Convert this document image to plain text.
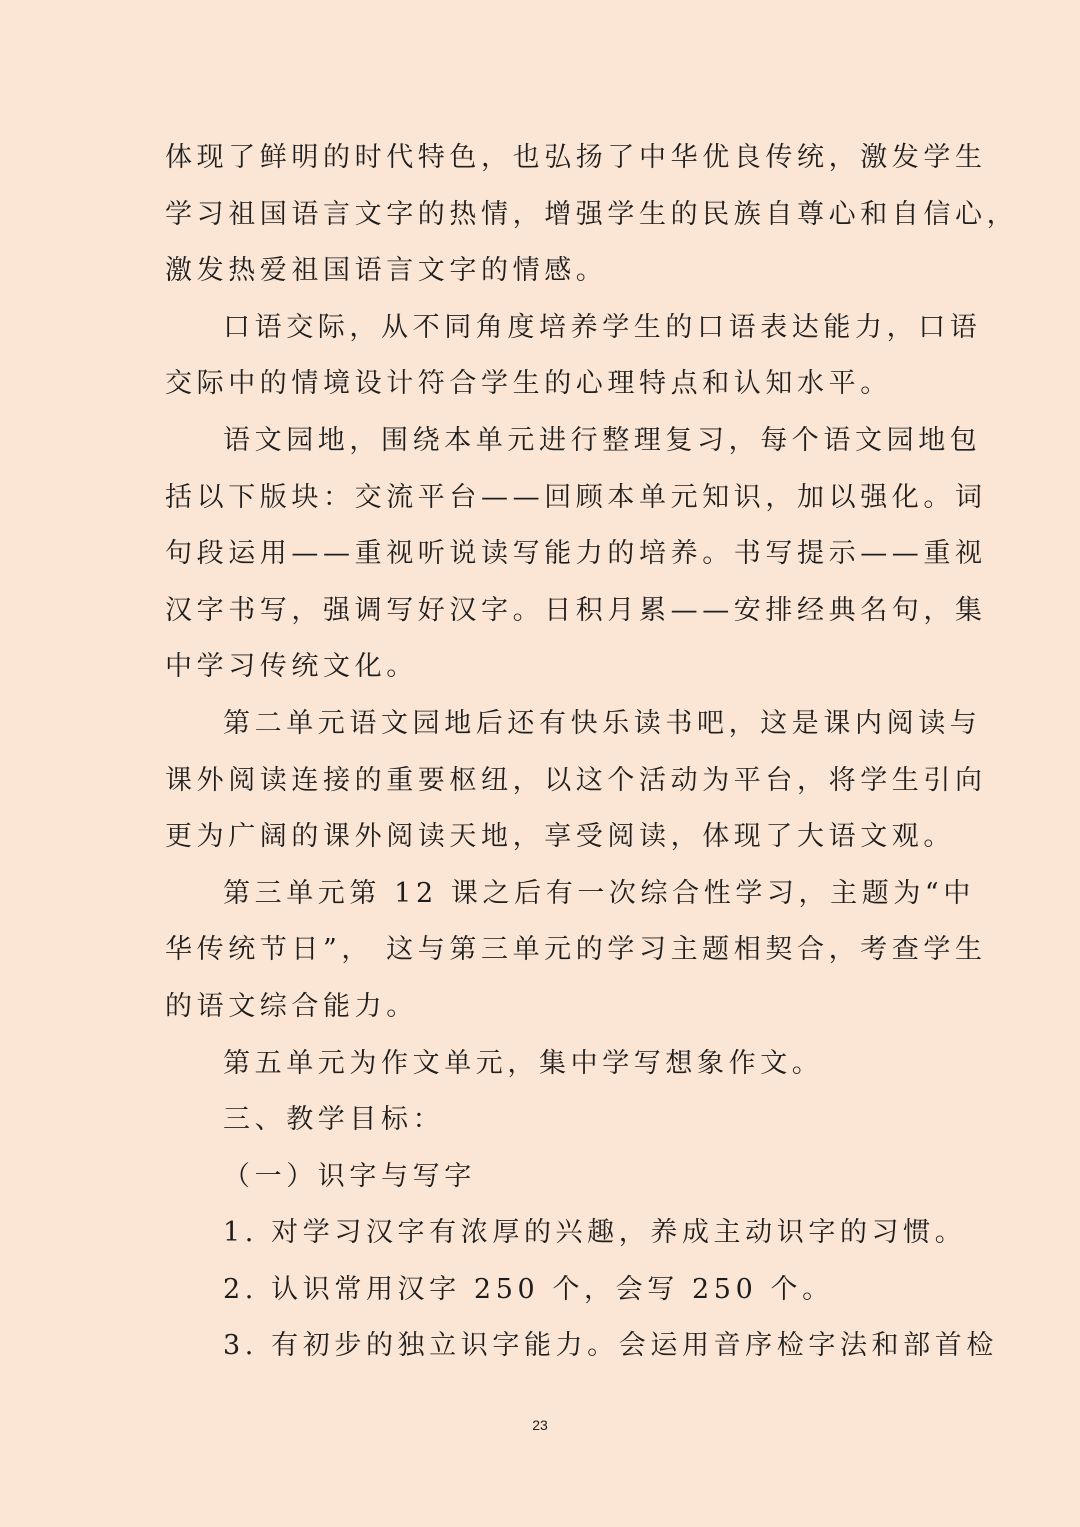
体现了鲜明的时代特色，也弘扬了中华优良传统，激发学生
学习祖国语言文字的热情，增强学生的民族自尊心和自信心，
激发热爱祖国语言文字的情感。
口语交际，从不同角度培养学生的口语表达能力，口语
交际中的情境设计符合学生的心理特点和认知水平。
语文园地，围绕本单元进行整理复习，每个语文园地包
括以下版块：交流平台——回顾本单元知识，加以强化。词
句段运用——重视听说读写能力的培养。书写提示——重视
汉字书写，强调写好汉字。日积月累——安排经典名句，集
中学习传统文化。
第二单元语文园地后还有快乐读书吧，这是课内阅读与
课外阅读连接的重要枢纽，以这个活动为平台，将学生引向
更为广阔的课外阅读天地，享受阅读，体现了大语文观。
第三单元第 12 课之后有一次综合性学习，主题为“中
华传统节日”， 这与第三单元的学习主题相契合，考查学生
的语文综合能力。
第五单元为作文单元，集中学写想象作文。
三、教学目标：
（一）识字与写字
1. 对学习汉字有浓厚的兴趣，养成主动识字的习惯。
2. 认识常用汉字 250 个，会写 250 个。
3. 有初步的独立识字能力。会运用音序检字法和部首检
23
